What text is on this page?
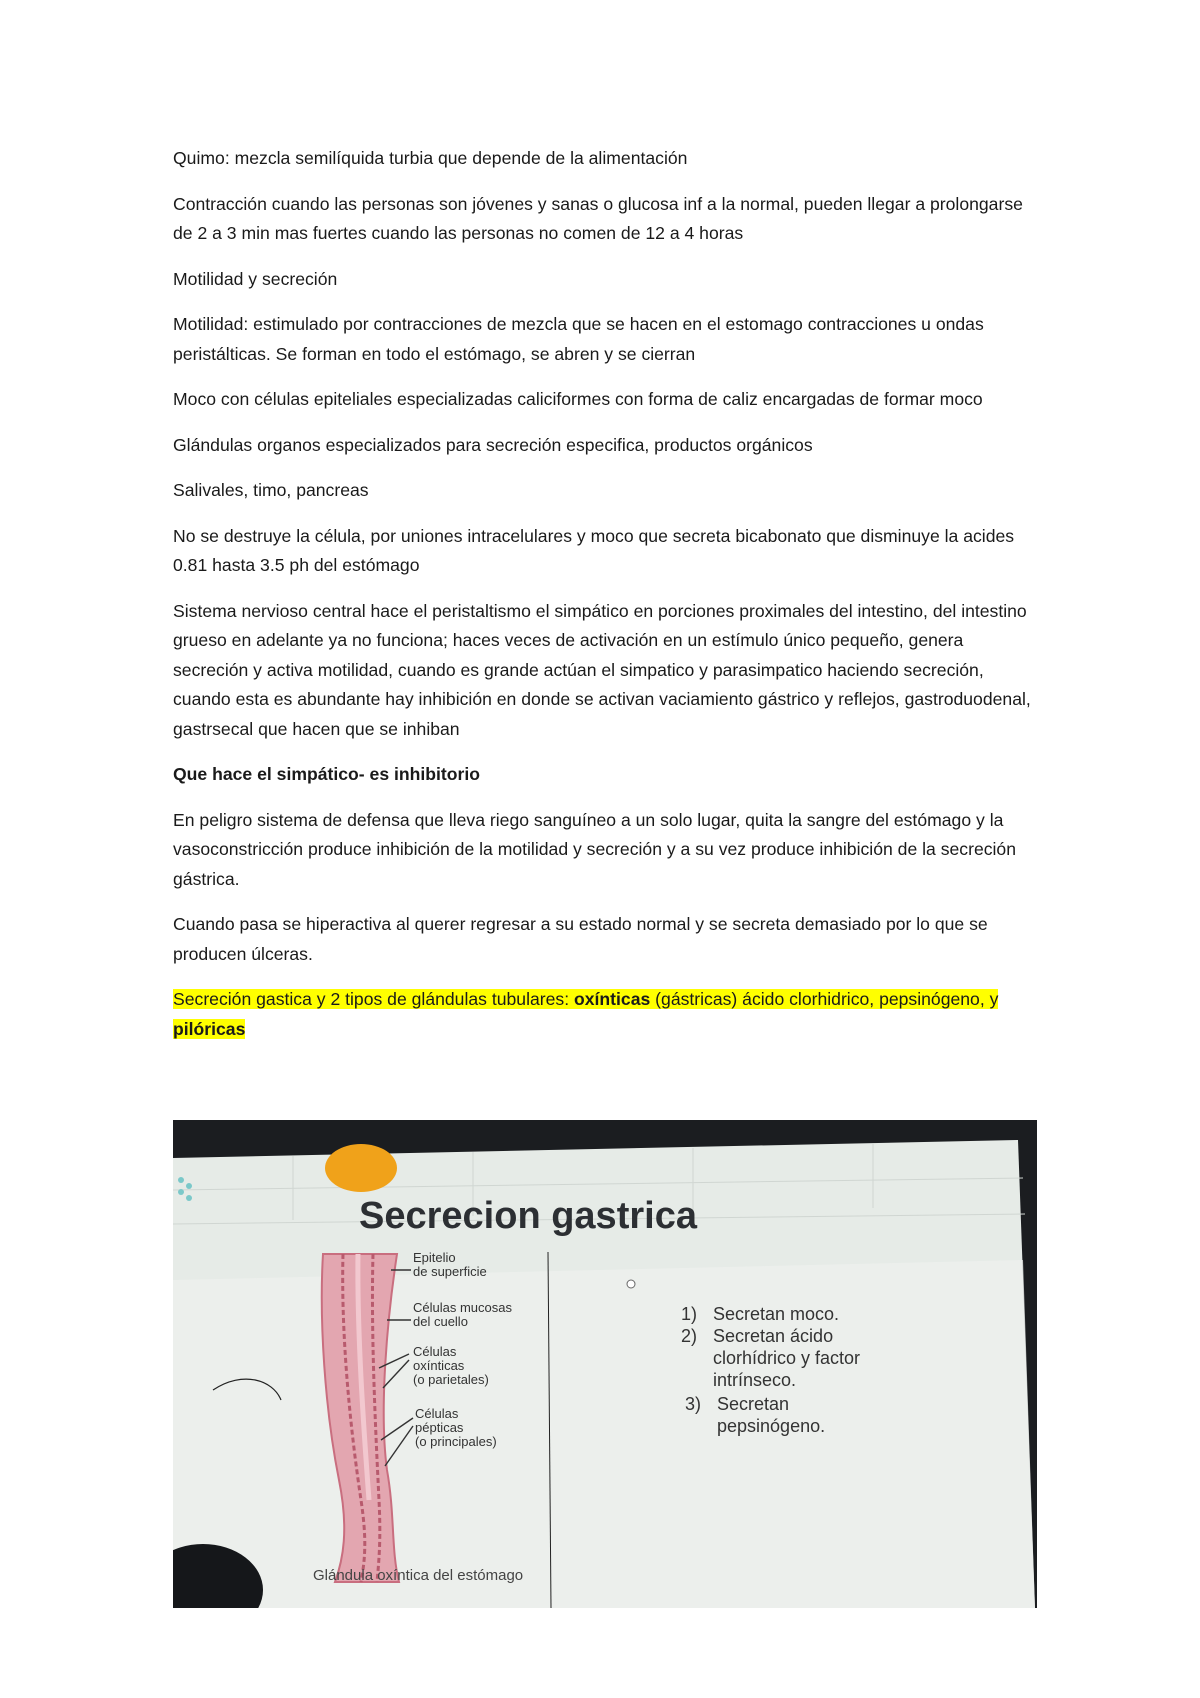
Quimo: mezcla semilíquida turbia que depende de la alimentación

Contracción cuando las personas son jóvenes y sanas o glucosa inf a la normal, pueden llegar a prolongarse de 2 a 3 min mas fuertes cuando las personas no comen de 12 a 4 horas

Motilidad y secreción

Motilidad: estimulado por contracciones de mezcla que se hacen en el estomago contracciones u ondas peristálticas. Se forman en todo el estómago, se abren y se cierran

Moco con células epiteliales especializadas caliciformes con forma de caliz encargadas de formar moco

Glándulas organos especializados para secreción especifica, productos orgánicos

Salivales, timo, pancreas

No se destruye la célula, por uniones intracelulares y moco que secreta bicabonato que disminuye la acides 0.81 hasta 3.5 ph del estómago

Sistema nervioso central hace el peristaltismo el simpático en porciones proximales del intestino, del intestino grueso en adelante ya no funciona; haces veces de activación en un estímulo único pequeño, genera secreción y activa motilidad, cuando es grande actúan el simpatico y parasimpatico haciendo secreción, cuando esta es abundante hay inhibición en donde se activan vaciamiento gástrico y reflejos, gastroduodenal, gastrsecal que hacen que se inhiban

Que hace el simpático- es inhibitorio

En peligro sistema de defensa que lleva riego sanguíneo a un solo lugar, quita la sangre del estómago y la vasoconstricción produce inhibición de la motilidad y secreción y a su vez produce inhibición de la secreción gástrica.

Cuando pasa se hiperactiva al querer regresar a su estado normal y se secreta demasiado por lo que se producen úlceras.

Secreción gastica y 2 tipos de glándulas tubulares: oxínticas (gástricas) ácido clorhidrico, pepsinógeno, y pilóricas

Secrecion gastrica
Epitelio
de superficie
Células mucosas
del cuello
Células
oxínticas
(o parietales)
Células
pépticas
(o principales)
1) Secretan moco.
2) Secretan ácido
clorhídrico y factor
intrínseco.
3) Secretan
pepsinógeno.
Glándula oxíntica del estómago
